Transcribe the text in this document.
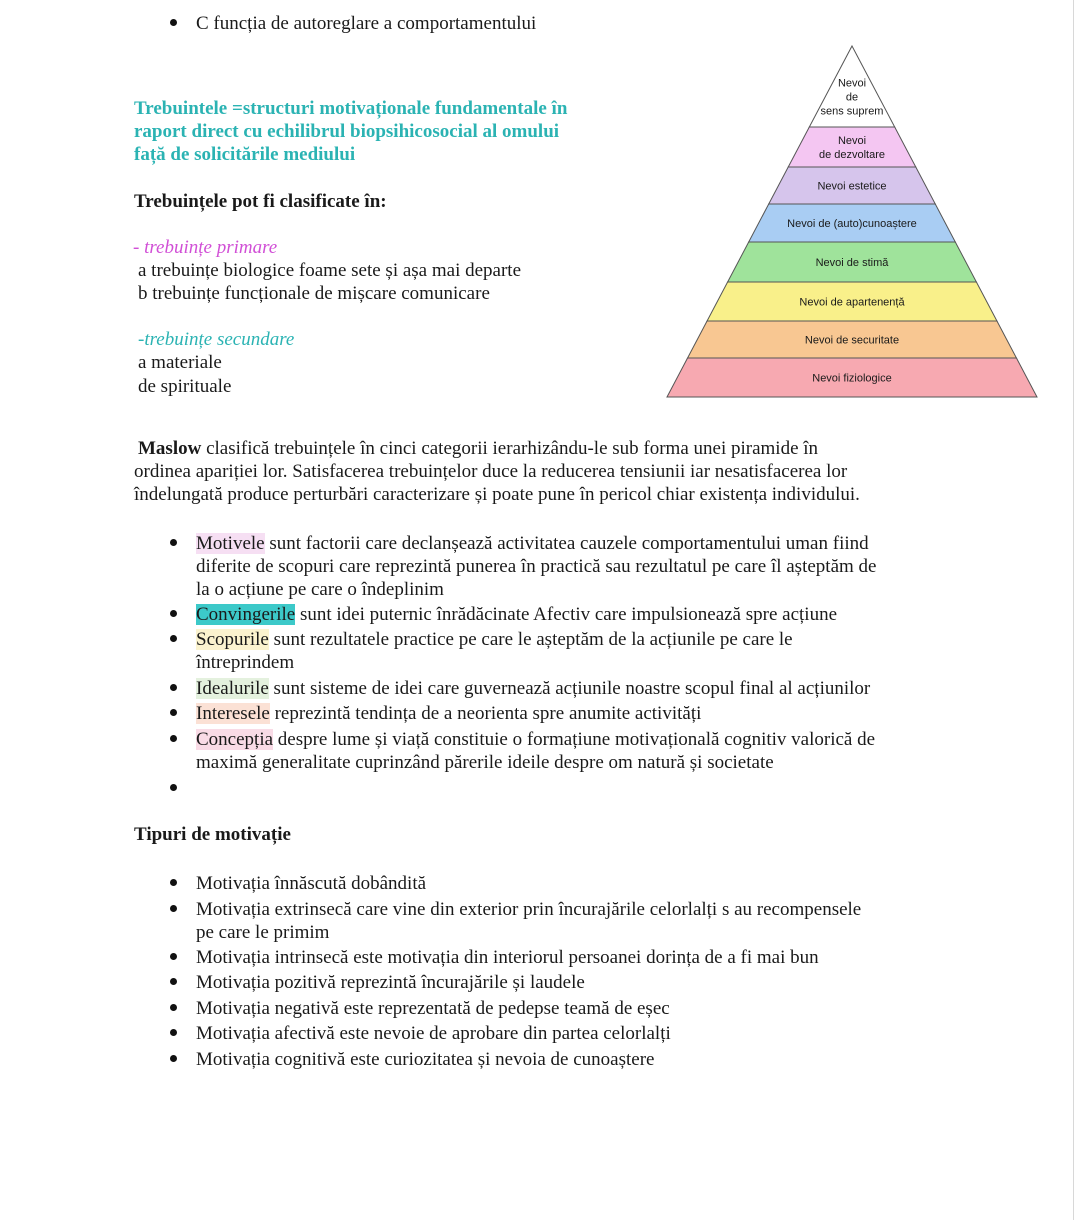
C funcția de autoreglare a comportamentului
Trebuintele =structuri motivaționale fundamentale în
raport direct cu echilibrul biopsihicosocial al omului
față de solicitările mediului
Trebuințele pot fi clasificate în:
- trebuințe primare
a trebuințe biologice foame sete și așa mai departe
b trebuințe funcționale de mișcare comunicare
-trebuințe secundare
a materiale
de spirituale
Nevoi
de
sens suprem
Nevoi
de dezvoltare
Nevoi estetice
Nevoi de (auto)cunoaștere
Nevoi de stimă
Nevoi de apartenență
Nevoi de securitate
Nevoi fiziologice
Maslow clasifică trebuințele în cinci categorii ierarhizându-le sub forma unei piramide în
ordinea apariției lor. Satisfacerea trebuințelor duce la reducerea tensiunii iar nesatisfacerea lor
îndelungată produce perturbări caracterizare și poate pune în pericol chiar existența individului.
Motivele sunt factorii care declanșează activitatea cauzele comportamentului uman fiind
diferite de scopuri care reprezintă punerea în practică sau rezultatul pe care îl așteptăm de
la o acțiune pe care o îndeplinim
Convingerile sunt idei puternic înrădăcinate Afectiv care impulsionează spre acțiune
Scopurile sunt rezultatele practice pe care le așteptăm de la acțiunile pe care le
întreprindem
Idealurile sunt sisteme de idei care guvernează acțiunile noastre scopul final al acțiunilor
Interesele reprezintă tendința de a neorienta spre anumite activități
Concepția despre lume și viață constituie o formațiune motivațională cognitiv valorică de
maximă generalitate cuprinzând părerile ideile despre om natură și societate
Tipuri de motivație
Motivația înnăscută dobândită
Motivația extrinsecă care vine din exterior prin încurajările celorlalți s au recompensele
pe care le primim
Motivația intrinsecă este motivația din interiorul persoanei dorința de a fi mai bun
Motivația pozitivă reprezintă încurajările și laudele
Motivația negativă este reprezentată de pedepse teamă de eșec
Motivația afectivă este nevoie de aprobare din partea celorlalți
Motivația cognitivă este curiozitatea și nevoia de cunoaștere
